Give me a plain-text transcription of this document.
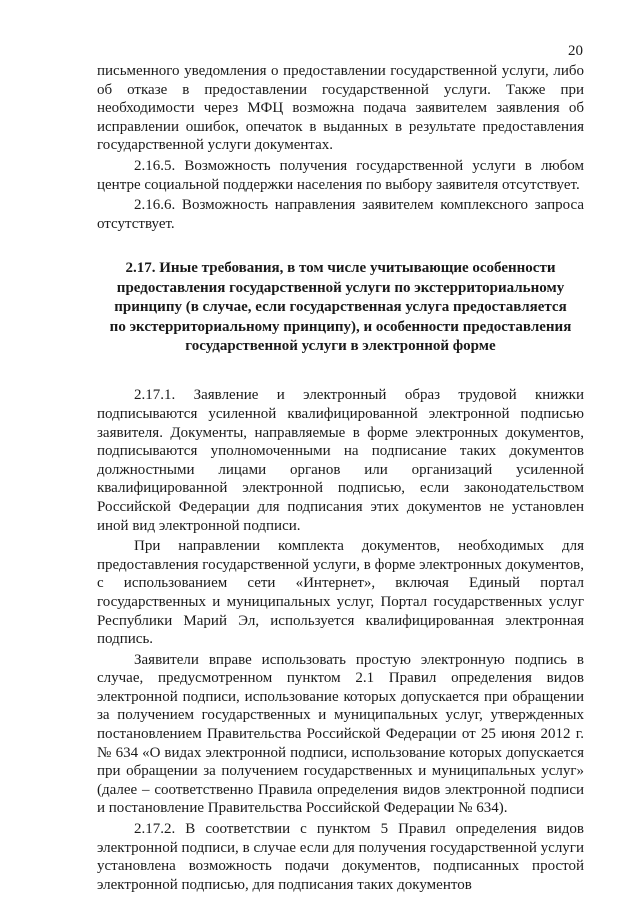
20

письменного уведомления о предоставлении государственной услуги, либо об отказе в предоставлении государственной услуги. Также при необходимости через МФЦ возможна подача заявителем заявления об исправлении ошибок, опечаток в выданных в результате предоставления государственной услуги документах.

2.16.5. Возможность получения государственной услуги в любом центре социальной поддержки населения по выбору заявителя отсутствует.

2.16.6. Возможность направления заявителем комплексного запроса отсутствует.

2.17. Иные требования, в том числе учитывающие особенности предоставления государственной услуги по экстерриториальному принципу (в случае, если государственная услуга предоставляется по экстерриториальному принципу), и особенности предоставления государственной услуги в электронной форме

2.17.1. Заявление и электронный образ трудовой книжки подписываются усиленной квалифицированной электронной подписью заявителя. Документы, направляемые в форме электронных документов, подписываются уполномоченными на подписание таких документов должностными лицами органов или организаций усиленной квалифицированной электронной подписью, если законодательством Российской Федерации для подписания этих документов не установлен иной вид электронной подписи.

При направлении комплекта документов, необходимых для предоставления государственной услуги, в форме электронных документов, с использованием сети «Интернет», включая Единый портал государственных и муниципальных услуг, Портал государственных услуг Республики Марий Эл, используется квалифицированная электронная подпись.

Заявители вправе использовать простую электронную подпись в случае, предусмотренном пунктом 2.1 Правил определения видов электронной подписи, использование которых допускается при обращении за получением государственных и муниципальных услуг, утвержденных постановлением Правительства Российской Федерации от 25 июня 2012 г. № 634 «О видах электронной подписи, использование которых допускается при обращении за получением государственных и муниципальных услуг» (далее – соответственно Правила определения видов электронной подписи и постановление Правительства Российской Федерации № 634).

2.17.2. В соответствии с пунктом 5 Правил определения видов электронной подписи, в случае если для получения государственной услуги установлена возможность подачи документов, подписанных простой электронной подписью, для подписания таких документов
